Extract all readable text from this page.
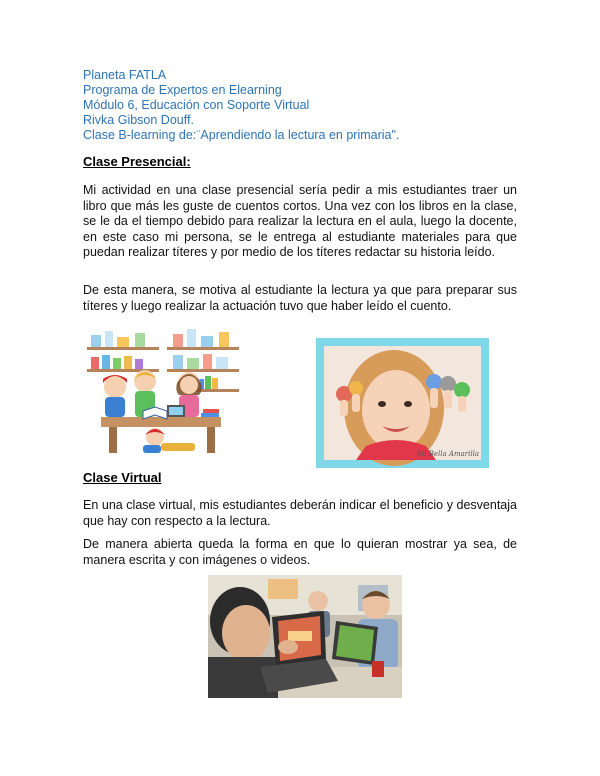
Planeta FATLA
Programa de Expertos en Elearning
Módulo 6, Educación con Soporte Virtual
Rivka Gibson Douff.
Clase B-learning de:¨Aprendiendo la lectura en primaria".
Clase Presencial:

Mi actividad en una clase presencial sería pedir a mis estudiantes traer un libro que más les guste de cuentos cortos. Una vez con los libros en la clase, se le da el tiempo debido para realizar la lectura en el aula, luego la docente, en este caso mi persona, se le entrega al estudiante materiales para que puedan realizar títeres y por medio de los títeres redactar su historia leído.

De esta manera, se motiva al estudiante la lectura ya que para preparar sus títeres y luego realizar la actuación tuvo que haber leído el cuento.

Mi Bella Amarilla
Clase Virtual

En una clase virtual, mis estudiantes deberán indicar el beneficio y desventaja que hay con respecto a la lectura.

De manera abierta queda la forma en que lo quieran mostrar ya sea, de manera escrita y con imágenes o videos.
